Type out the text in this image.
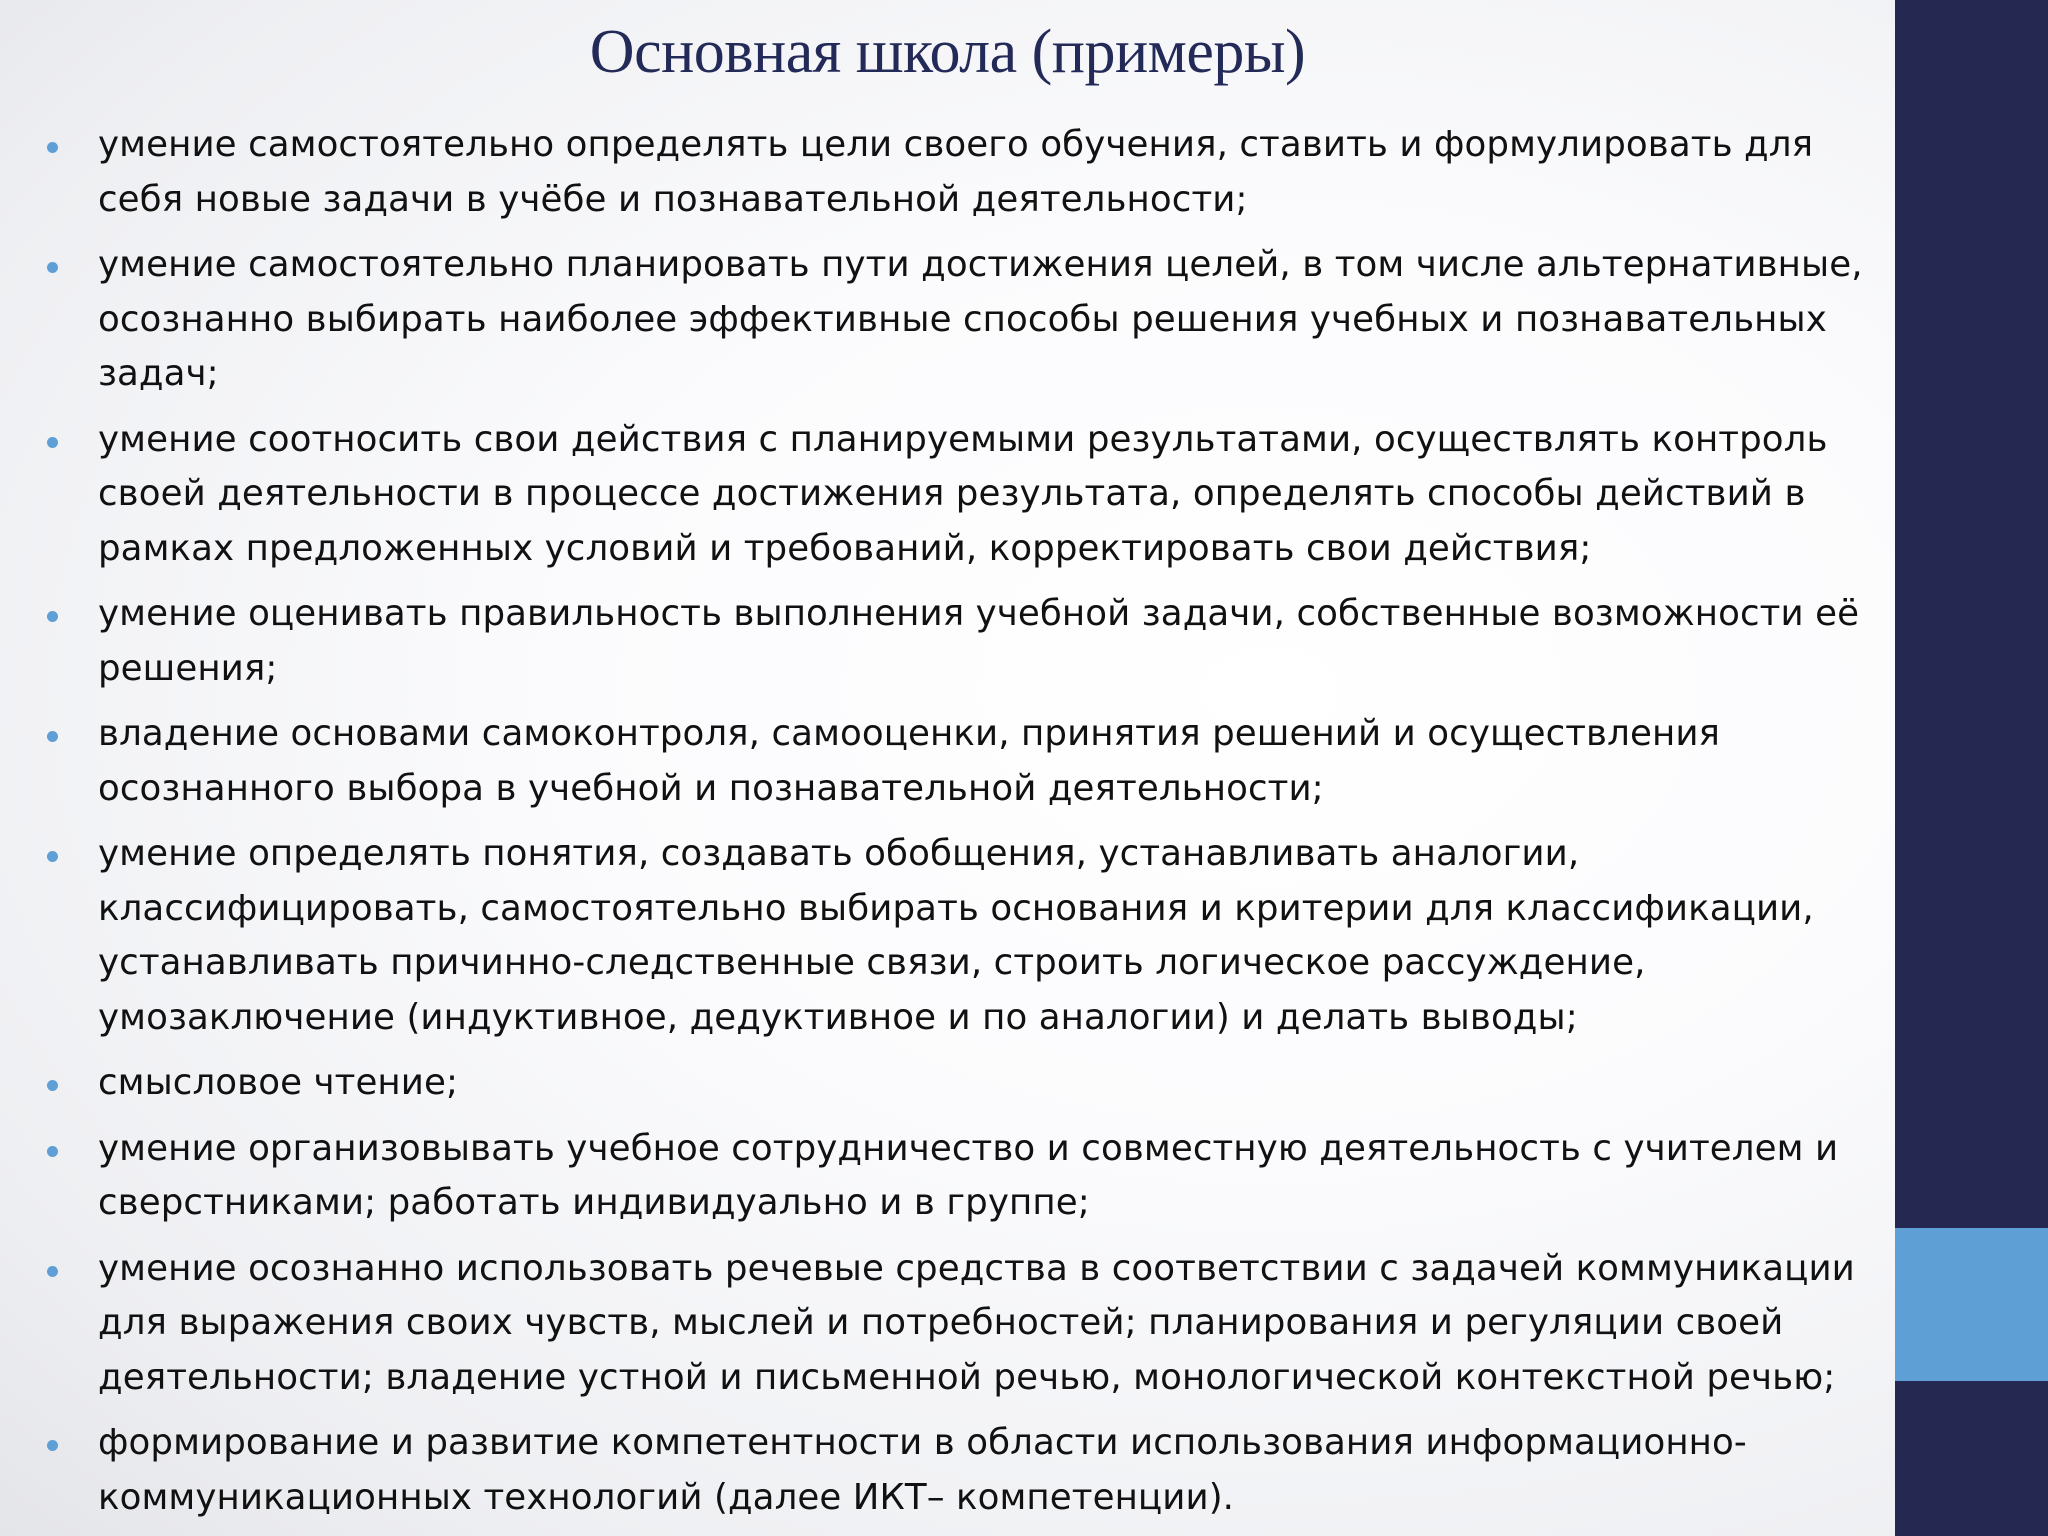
Основная школа (примеры)
умение самостоятельно определять цели своего обучения, ставить и формулировать для себя новые задачи в учёбе и познавательной деятельности;
умение самостоятельно планировать пути достижения целей, в том числе альтернативные, осознанно выбирать наиболее эффективные способы решения учебных и познавательных задач;
умение соотносить свои действия с планируемыми результатами, осуществлять контроль своей деятельности в процессе достижения результата, определять способы действий в рамках предложенных условий и требований, корректировать свои действия;
умение оценивать правильность выполнения учебной задачи, собственные возможности её решения;
владение основами самоконтроля, самооценки, принятия решений и осуществления осознанного выбора в учебной и познавательной деятельности;
умение определять понятия, создавать обобщения, устанавливать аналогии, классифицировать, самостоятельно выбирать основания и критерии для классификации, устанавливать причинно-следственные связи, строить логическое рассуждение, умозаключение (индуктивное, дедуктивное и по аналогии) и делать выводы;
смысловое чтение;
умение организовывать учебное сотрудничество и совместную деятельность с учителем и сверстниками; работать индивидуально и в группе;
умение осознанно использовать речевые средства в соответствии с задачей коммуникации для выражения своих чувств, мыслей и потребностей; планирования и регуляции своей деятельности; владение устной и письменной речью, монологической контекстной речью;
формирование и развитие компетентности в области использования информационно-коммуникационных технологий (далее ИКТ– компетенции).
